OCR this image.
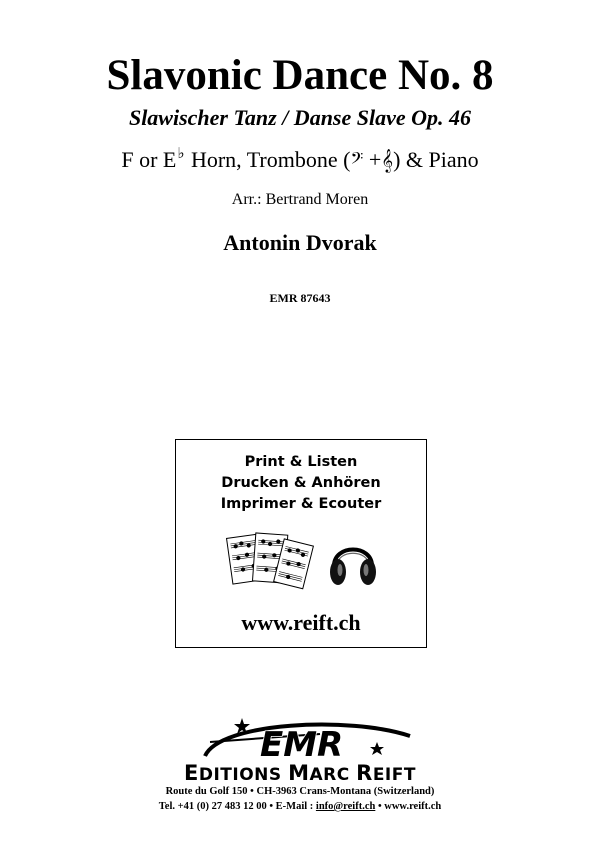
Slavonic Dance No. 8
Slawischer Tanz / Danse Slave Op. 46
F or E♭ Horn, Trombone (𝄢 +𝄞) & Piano
Arr.: Bertrand Moren
Antonin Dvorak
EMR 87643
Print & Listen
Drucken & Anhören
Imprimer & Ecouter
www.reift.ch
EMR
EDITIONS MARC REIFT
Route du Golf 150 • CH-3963 Crans-Montana (Switzerland)
Tel. +41 (0) 27 483 12 00 • E-Mail : info@reift.ch • www.reift.ch
